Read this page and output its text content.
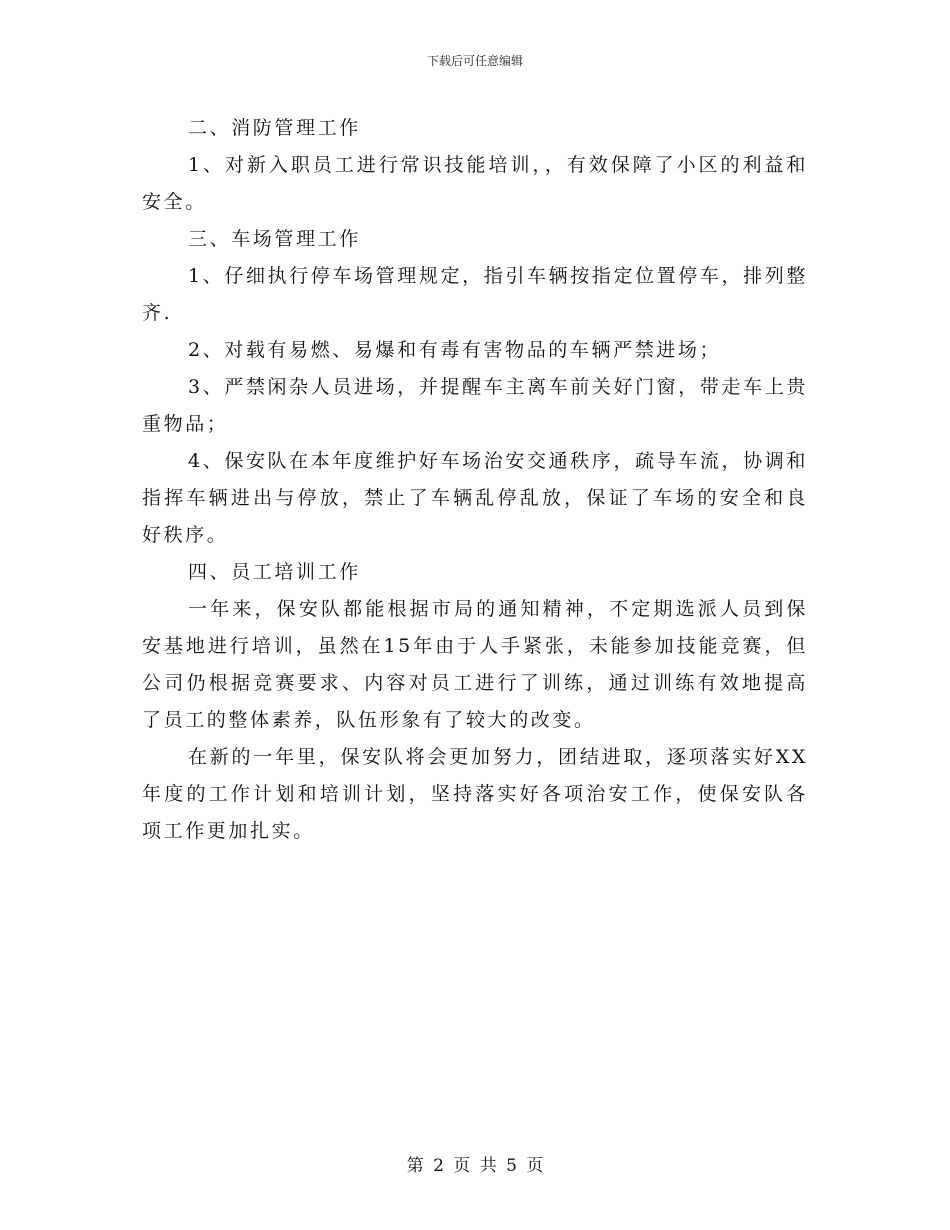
下载后可任意编辑

二、消防管理工作

1、对新入职员工进行常识技能培训，，有效保障了小区的利益和安全。

三、车场管理工作

1、仔细执行停车场管理规定，指引车辆按指定位置停车，排列整齐.

2、对载有易燃、易爆和有毒有害物品的车辆严禁进场；

3、严禁闲杂人员进场，并提醒车主离车前关好门窗，带走车上贵重物品；

4、保安队在本年度维护好车场治安交通秩序，疏导车流，协调和指挥车辆进出与停放，禁止了车辆乱停乱放，保证了车场的安全和良好秩序。

四、员工培训工作

一年来，保安队都能根据市局的通知精神，不定期选派人员到保安基地进行培训，虽然在15年由于人手紧张，未能参加技能竞赛，但公司仍根据竞赛要求、内容对员工进行了训练，通过训练有效地提高了员工的整体素养，队伍形象有了较大的改变。

在新的一年里，保安队将会更加努力，团结进取，逐项落实好XX年度的工作计划和培训计划，坚持落实好各项治安工作，使保安队各项工作更加扎实。

第 2 页 共 5 页
